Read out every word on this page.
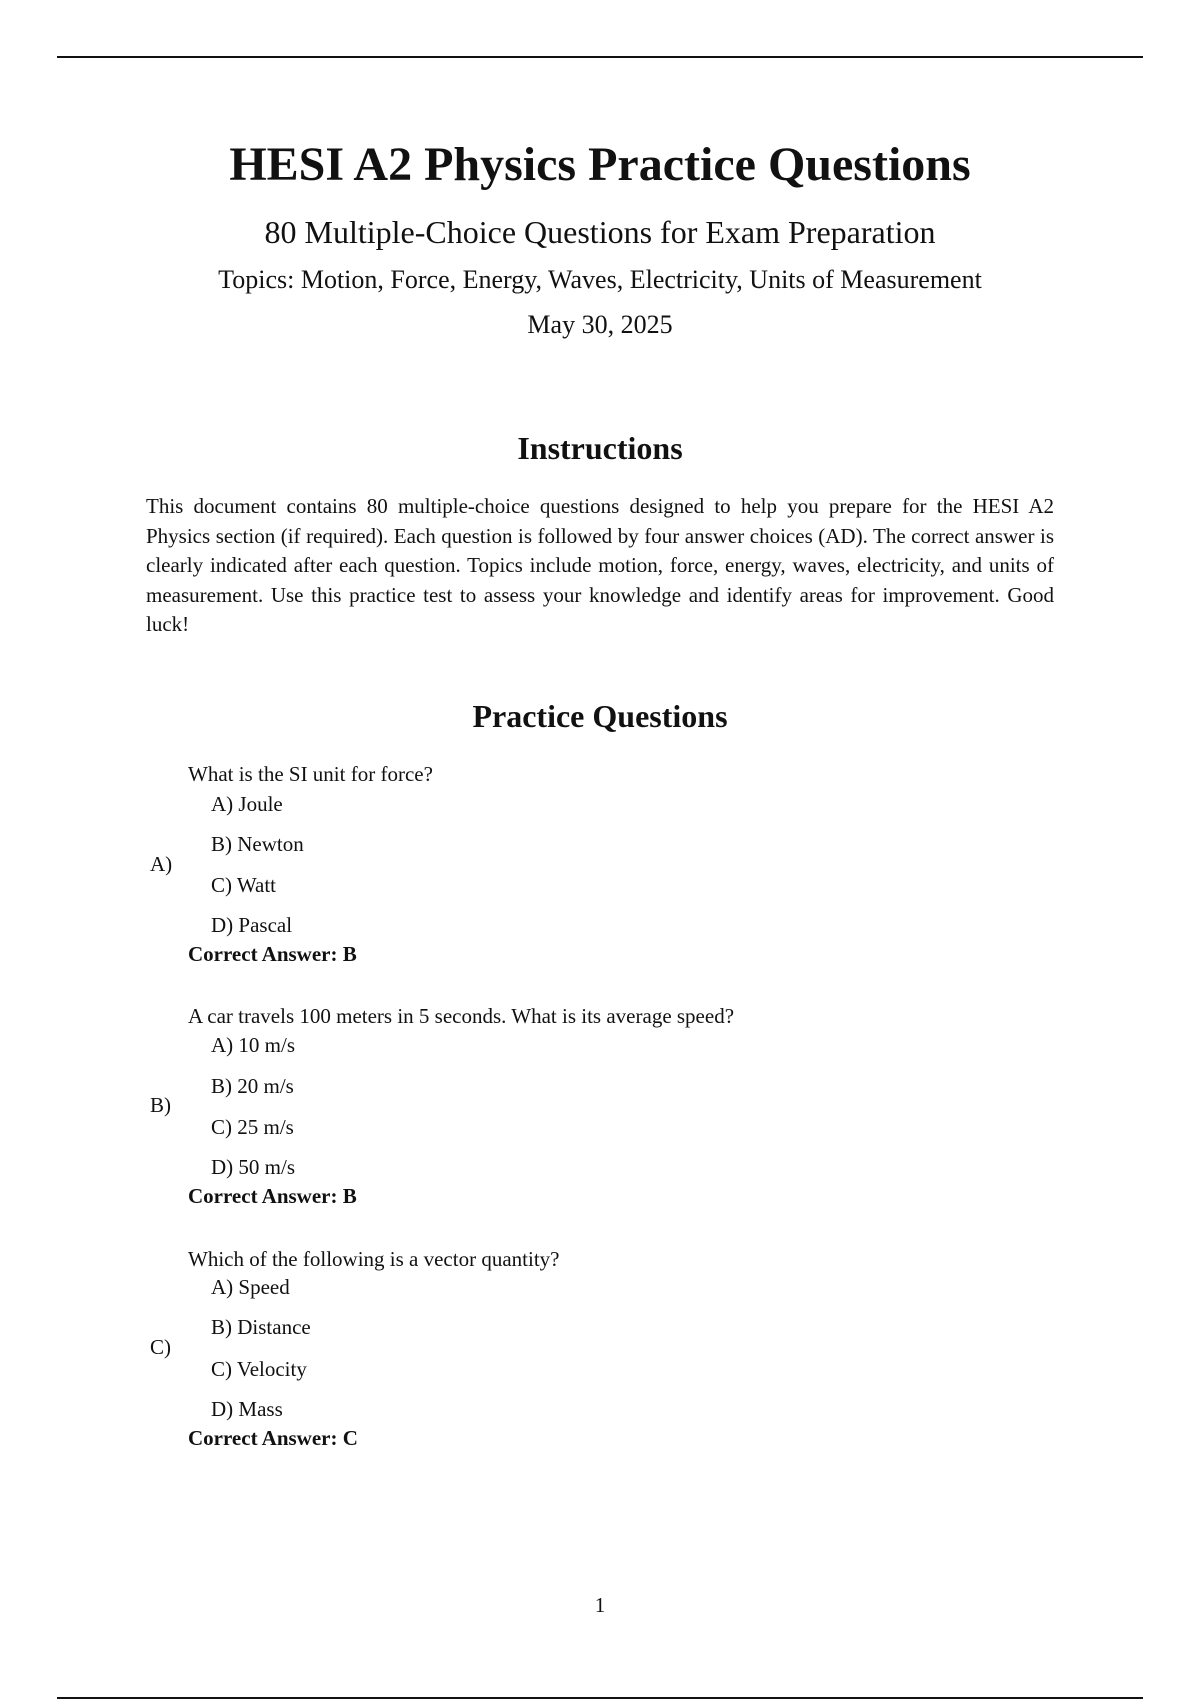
HESI A2 Physics Practice Questions
80 Multiple-Choice Questions for Exam Preparation
Topics: Motion, Force, Energy, Waves, Electricity, Units of Measurement
May 30, 2025
Instructions
This document contains 80 multiple-choice questions designed to help you prepare for the HESI A2 Physics section (if required). Each question is followed by four answer choices (AD). The correct answer is clearly indicated after each question. Topics include motion, force, energy, waves, electricity, and units of measurement. Use this practice test to assess your knowledge and identify areas for improvement. Good luck!
Practice Questions
A)
What is the SI unit for force?
A) Joule
B) Newton
C) Watt
D) Pascal
Correct Answer: B
B)
A car travels 100 meters in 5 seconds. What is its average speed?
A) 10 m/s
B) 20 m/s
C) 25 m/s
D) 50 m/s
Correct Answer: B
C)
Which of the following is a vector quantity?
A) Speed
B) Distance
C) Velocity
D) Mass
Correct Answer: C
1
